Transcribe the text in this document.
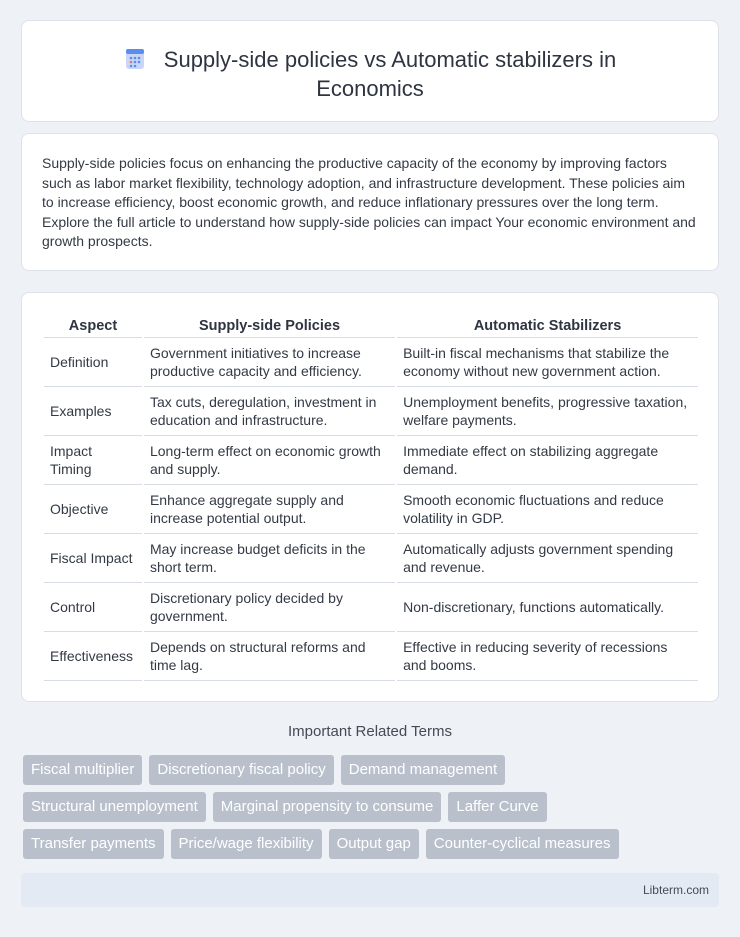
Supply-side policies vs Automatic stabilizers in
Economics

Supply-side policies focus on enhancing the productive capacity of the economy by improving factors such as labor market flexibility, technology adoption, and infrastructure development. These policies aim to increase efficiency, boost economic growth, and reduce inflationary pressures over the long term. Explore the full article to understand how supply-side policies can impact Your economic environment and growth prospects.

Aspect	Supply-side Policies	Automatic Stabilizers
Definition	Government initiatives to increase productive capacity and efficiency.	Built-in fiscal mechanisms that stabilize the economy without new government action.
Examples	Tax cuts, deregulation, investment in education and infrastructure.	Unemployment benefits, progressive taxation, welfare payments.
Impact Timing	Long-term effect on economic growth and supply.	Immediate effect on stabilizing aggregate demand.
Objective	Enhance aggregate supply and increase potential output.	Smooth economic fluctuations and reduce volatility in GDP.
Fiscal Impact	May increase budget deficits in the short term.	Automatically adjusts government spending and revenue.
Control	Discretionary policy decided by government.	Non-discretionary, functions automatically.
Effectiveness	Depends on structural reforms and time lag.	Effective in reducing severity of recessions and booms.
Important Related Terms
Fiscal multiplier	Discretionary fiscal policy	Demand management
Structural unemployment	Marginal propensity to consume	Laffer Curve
Transfer payments	Price/wage flexibility	Output gap	Counter-cyclical measures
Libterm.com
